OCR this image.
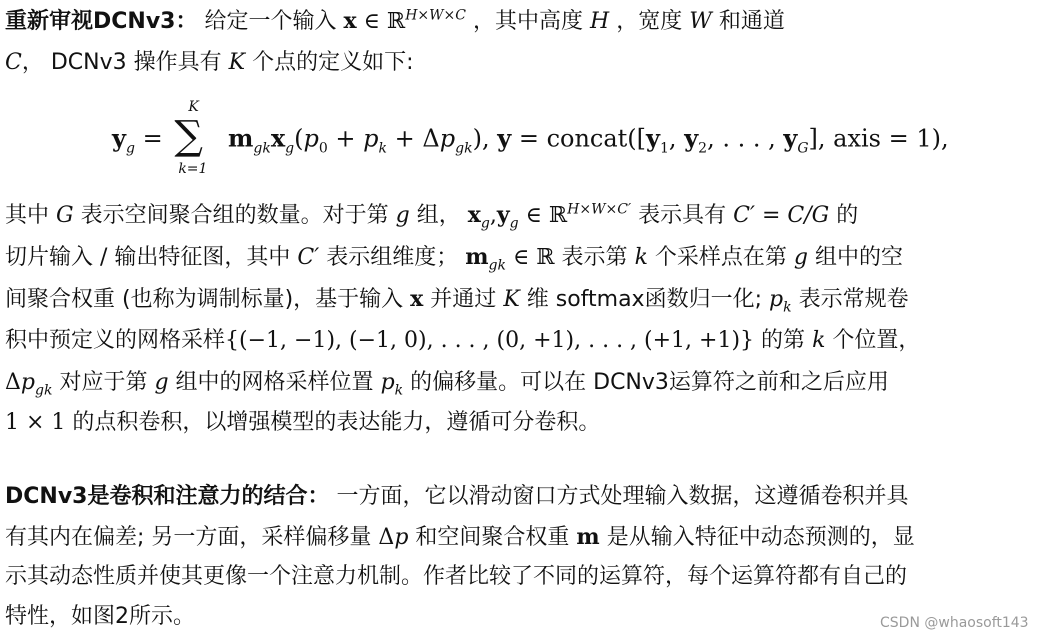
重新审视DCNv3： 给定一个输入 x ∈ ℝ$^{H\times W\times C}$ ，其中高度 H ，宽度 W 和通道
C， DCNv3 操作具有 K 个点的定义如下:
$y_g$ =
K
∑
k=1
$m_{gk}x_g(p_0 + p_k + \Delta p_{gk})$, $y = concat([y_1$, $y_2$, . . . , $y_G$], axis = 1),
其中 G 表示空间聚合组的数量。对于第 g 组， $x_g,y_g$ ∈ ℝ$^{H\times W\times C'}$ 表示具有 C′ = C/G 的
切片输入 / 输出特征图，其中 C′ 表示组维度； $m_{gk}$ ∈ ℝ 表示第 k 个采样点在第 g 组中的空
间聚合权重 (也称为调制标量)，基于输入 x 并通过 K 维 softmax函数归一化; $p_k$ 表示常规卷
积中预定义的网格采样{(−1, −1), (−1, 0), . . . , (0, +1), . . . , (+1, +1)} 的第 k 个位置，
$\Delta p_{gk}$ 对应于第 g 组中的网格采样位置 $p_k$ 的偏移量。可以在 DCNv3运算符之前和之后应用
1 × 1 的点积卷积，以增强模型的表达能力，遵循可分卷积。
DCNv3是卷积和注意力的结合： 一方面，它以滑动窗口方式处理输入数据，这遵循卷积并具
有其内在偏差; 另一方面，采样偏移量 Δp 和空间聚合权重 m 是从输入特征中动态预测的，显
示其动态性质并使其更像一个注意力机制。作者比较了不同的运算符，每个运算符都有自己的
特性，如图2所示。	CSDN @whaosoft143
